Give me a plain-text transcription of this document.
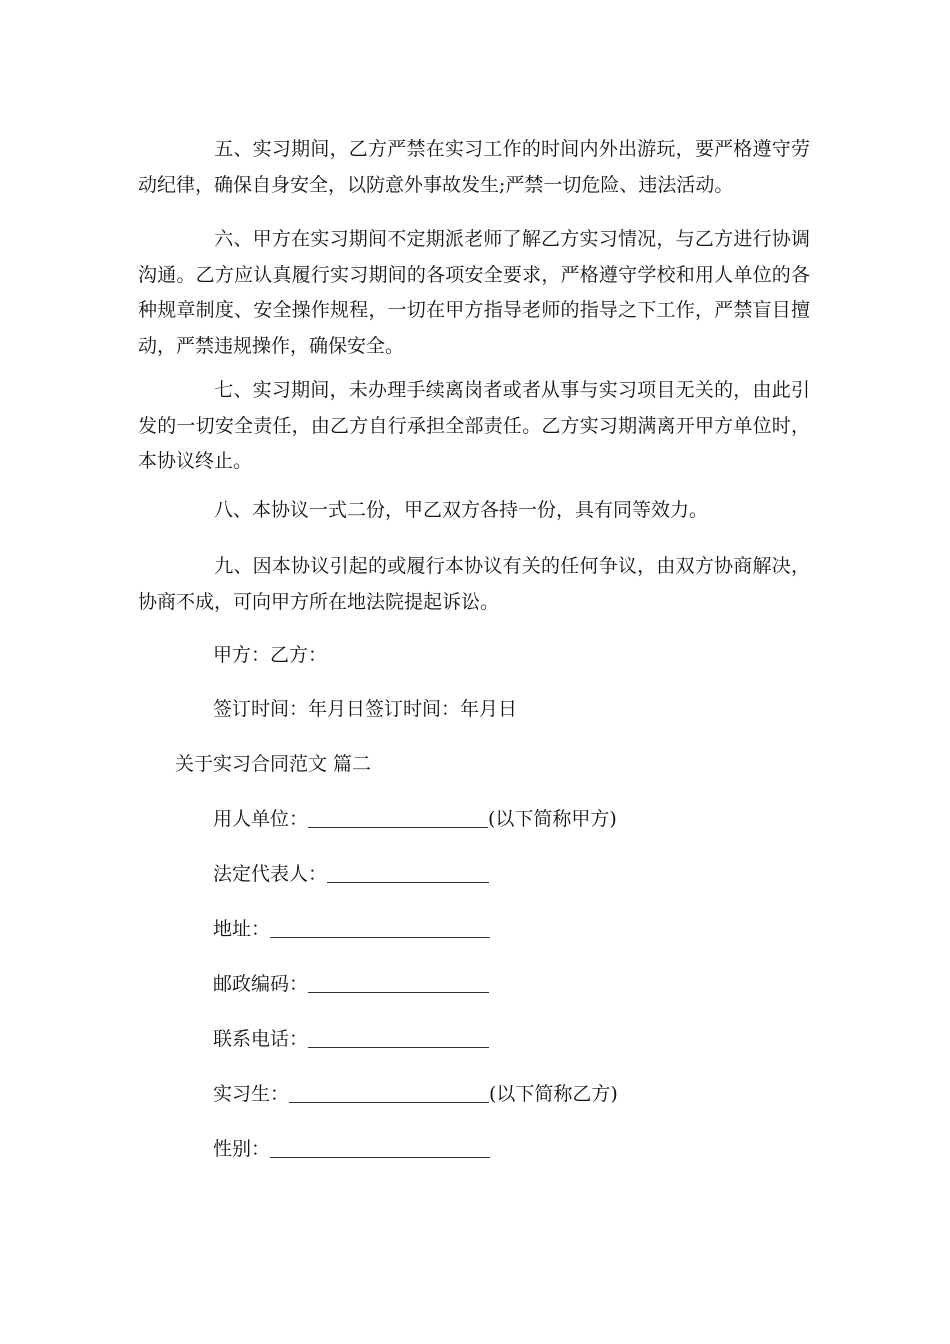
五、实习期间，乙方严禁在实习工作的时间内外出游玩，要严格遵守劳动纪律，确保自身安全，以防意外事故发生;严禁一切危险、违法活动。

六、甲方在实习期间不定期派老师了解乙方实习情况，与乙方进行协调沟通。乙方应认真履行实习期间的各项安全要求，严格遵守学校和用人单位的各种规章制度、安全操作规程，一切在甲方指导老师的指导之下工作，严禁盲目擅动，严禁违规操作，确保安全。

七、实习期间，未办理手续离岗者或者从事与实习项目无关的，由此引发的一切安全责任，由乙方自行承担全部责任。乙方实习期满离开甲方单位时，本协议终止。

八、本协议一式二份，甲乙双方各持一份，具有同等效力。

九、因本协议引起的或履行本协议有关的任何争议，由双方协商解决，协商不成，可向甲方所在地法院提起诉讼。

甲方：乙方：

签订时间：年月日签订时间：年月日

关于实习合同范文 篇二

用人单位：	(以下简称甲方)
法定代表人：
地址：
邮政编码：
联系电话：
实习生：	(以下简称乙方)
性别：
